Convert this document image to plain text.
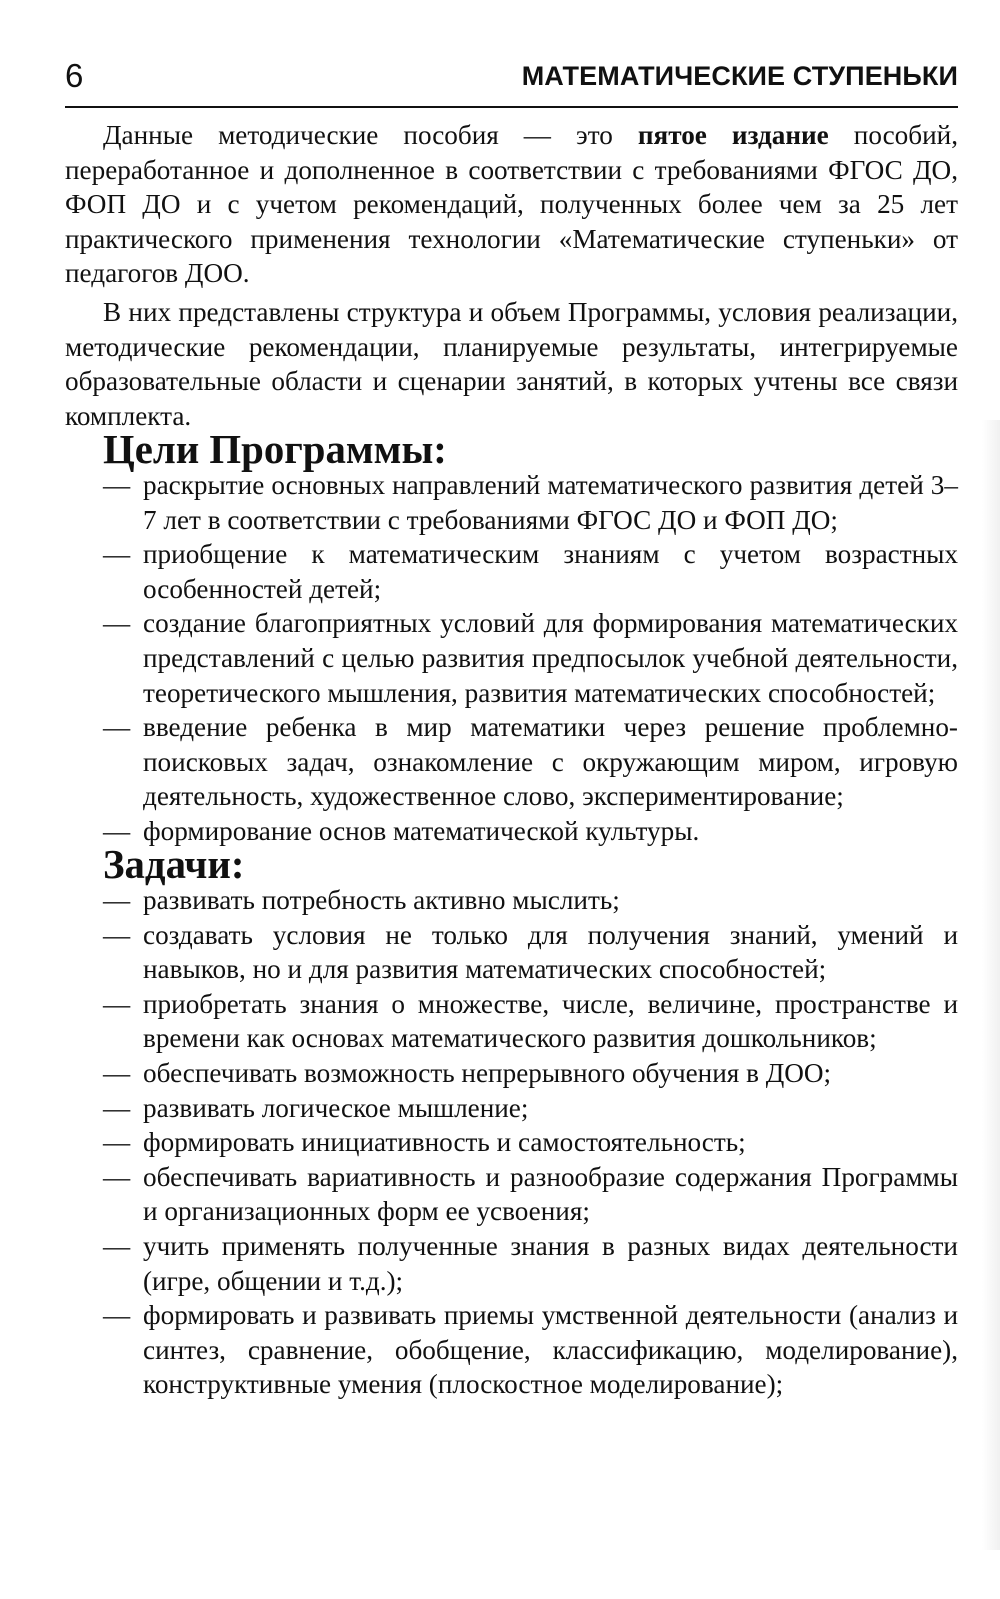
6	МАТЕМАТИЧЕСКИЕ СТУПЕНЬКИ

Данные методические пособия — это пятое издание пособий, переработанное и дополненное в соответствии с требованиями ФГОС ДО, ФОП ДО и с учетом рекомендаций, полученных более чем за 25 лет практического применения технологии «Математические ступеньки» от педагогов ДОО.

В них представлены структура и объем Программы, условия реализации, методические рекомендации, планируемые результаты, интегрируемые образовательные области и сценарии занятий, в которых учтены все связи комплекта.

Цели Программы:
— раскрытие основных направлений математического развития детей 3–7 лет в соответствии с требованиями ФГОС ДО и ФОП ДО;
— приобщение к математическим знаниям с учетом возрастных особенностей детей;
— создание благоприятных условий для формирования математических представлений с целью развития предпосылок учебной деятельности, теоретического мышления, развития математических способностей;
— введение ребенка в мир математики через решение проблемно-поисковых задач, ознакомление с окружающим миром, игровую деятельность, художественное слово, экспериментирование;
— формирование основ математической культуры.
Задачи:
— развивать потребность активно мыслить;
— создавать условия не только для получения знаний, умений и навыков, но и для развития математических способностей;
— приобретать знания о множестве, числе, величине, пространстве и времени как основах математического развития дошкольников;
— обеспечивать возможность непрерывного обучения в ДОО;
— развивать логическое мышление;
— формировать инициативность и самостоятельность;
— обеспечивать вариативность и разнообразие содержания Программы и организационных форм ее усвоения;
— учить применять полученные знания в разных видах деятельности (игре, общении и т.д.);
— формировать и развивать приемы умственной деятельности (анализ и синтез, сравнение, обобщение, классификацию, моделирование), конструктивные умения (плоскостное моделирование);
